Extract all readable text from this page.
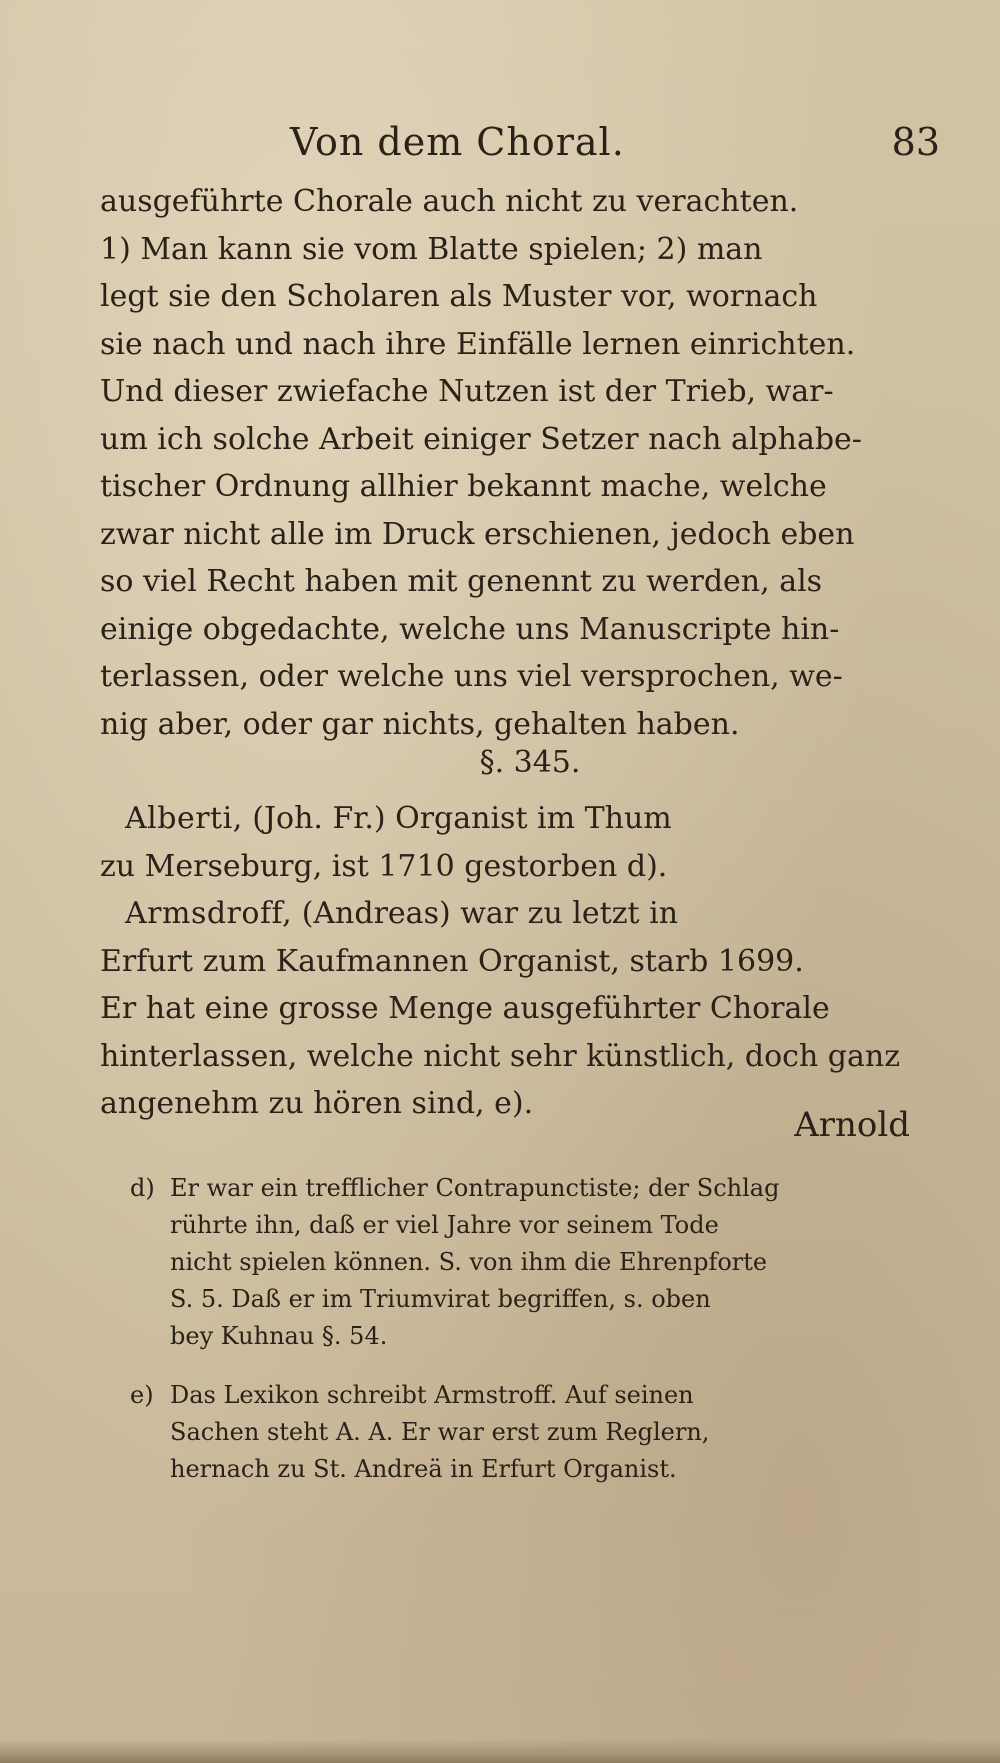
Von dem Choral.	83
ausgeführte Chorale auch nicht zu verachten.
1) Man kann sie vom Blatte spielen; 2) man
legt sie den Scholaren als Muster vor, wornach
sie nach und nach ihre Einfälle lernen einrichten.
Und dieser zwiefache Nutzen ist der Trieb, war-
um ich solche Arbeit einiger Setzer nach alphabe-
tischer Ordnung allhier bekannt mache, welche
zwar nicht alle im Druck erschienen, jedoch eben
so viel Recht haben mit genennt zu werden, als
einige obgedachte, welche uns Manuscripte hin-
terlassen, oder welche uns viel versprochen, we-
nig aber, oder gar nichts, gehalten haben.
§. 345.
Alberti, (Joh. Fr.) Organist im Thum
zu Merseburg, ist 1710 gestorben d).
Armsdroff, (Andreas) war zu letzt in
Erfurt zum Kaufmannen Organist, starb 1699.
Er hat eine grosse Menge ausgeführter Chorale
hinterlassen, welche nicht sehr künstlich, doch ganz
angenehm zu hören sind, e).
Arnold
d) Er war ein trefflicher Contrapunctiste; der Schlag
rührte ihn, daß er viel Jahre vor seinem Tode
nicht spielen können. S. von ihm die Ehrenpforte
S. 5. Daß er im Triumvirat begriffen, s. oben
bey Kuhnau §. 54.
e) Das Lexikon schreibt Armstroff. Auf seinen
Sachen steht A. A. Er war erst zum Reglern,
hernach zu St. Andreä in Erfurt Organist.
